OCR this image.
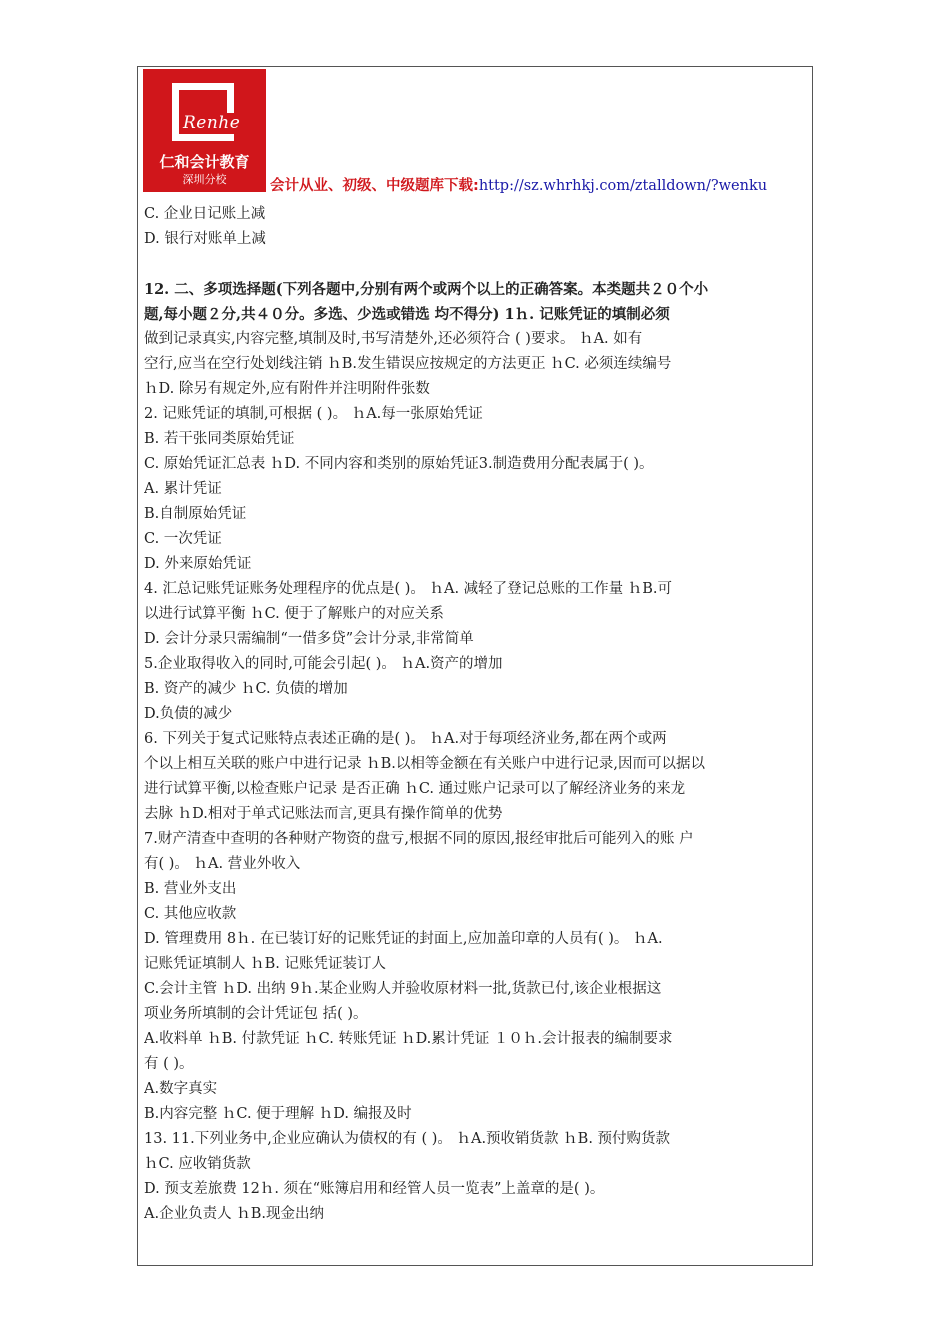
Renhe
仁和会计教育
深圳分校	会计从业、初级、中级题库下载:http://sz.whrhkj.com/ztalldown/?wenku
C. 企业日记账上减
D. 银行对账单上减
12. 二、多项选择题(下列各题中,分别有两个或两个以上的正确答案。本类题共２０个小
题,每小题２分,共４０分。多选、少选或错选 均不得分) 1ｈ. 记账凭证的填制必须
做到记录真实,内容完整,填制及时,书写清楚外,还必须符合 ( )要求。 ｈA. 如有
空行,应当在空行处划线注销 ｈB.发生错误应按规定的方法更正 ｈC. 必须连续编号
ｈD. 除另有规定外,应有附件并注明附件张数
2. 记账凭证的填制,可根据 ( )。 ｈA.每一张原始凭证
B. 若干张同类原始凭证
C. 原始凭证汇总表 ｈD. 不同内容和类别的原始凭证3.制造费用分配表属于( )。
A. 累计凭证
B.自制原始凭证
C. 一次凭证
D. 外来原始凭证
4. 汇总记账凭证账务处理程序的优点是( )。 ｈA. 减轻了登记总账的工作量 ｈB.可
以进行试算平衡 ｈC. 便于了解账户的对应关系
D. 会计分录只需编制“一借多贷”会计分录,非常简单
5.企业取得收入的同时,可能会引起( )。 ｈA.资产的增加
B. 资产的减少 ｈC. 负债的增加
D.负债的减少
6. 下列关于复式记账特点表述正确的是( )。 ｈA.对于每项经济业务,都在两个或两
个以上相互关联的账户中进行记录 ｈB.以相等金额在有关账户中进行记录,因而可以据以
进行试算平衡,以检查账户记录 是否正确 ｈC. 通过账户记录可以了解经济业务的来龙
去脉 ｈD.相对于单式记账法而言,更具有操作简单的优势
7.财产清查中查明的各种财产物资的盘亏,根据不同的原因,报经审批后可能列入的账 户
有( )。 ｈA. 营业外收入
B. 营业外支出
C. 其他应收款
D. 管理费用 8ｈ. 在已装订好的记账凭证的封面上,应加盖印章的人员有( )。 ｈA.
记账凭证填制人 ｈB. 记账凭证装订人
C.会计主管 ｈD. 出纳 9ｈ.某企业购人并验收原材料一批,货款已付,该企业根据这
项业务所填制的会计凭证包 括( )。
A.收料单 ｈB. 付款凭证 ｈC. 转账凭证 ｈD.累计凭证 １０ｈ.会计报表的编制要求
有 ( )。
A.数字真实
B.内容完整 ｈC. 便于理解 ｈD. 编报及时
13. 11.下列业务中,企业应确认为债权的有 ( )。 ｈA.预收销货款 ｈB. 预付购货款
ｈC. 应收销货款
D. 预支差旅费 12ｈ. 须在“账簿启用和经管人员一览表”上盖章的是( )。
A.企业负责人 ｈB.现金出纳
